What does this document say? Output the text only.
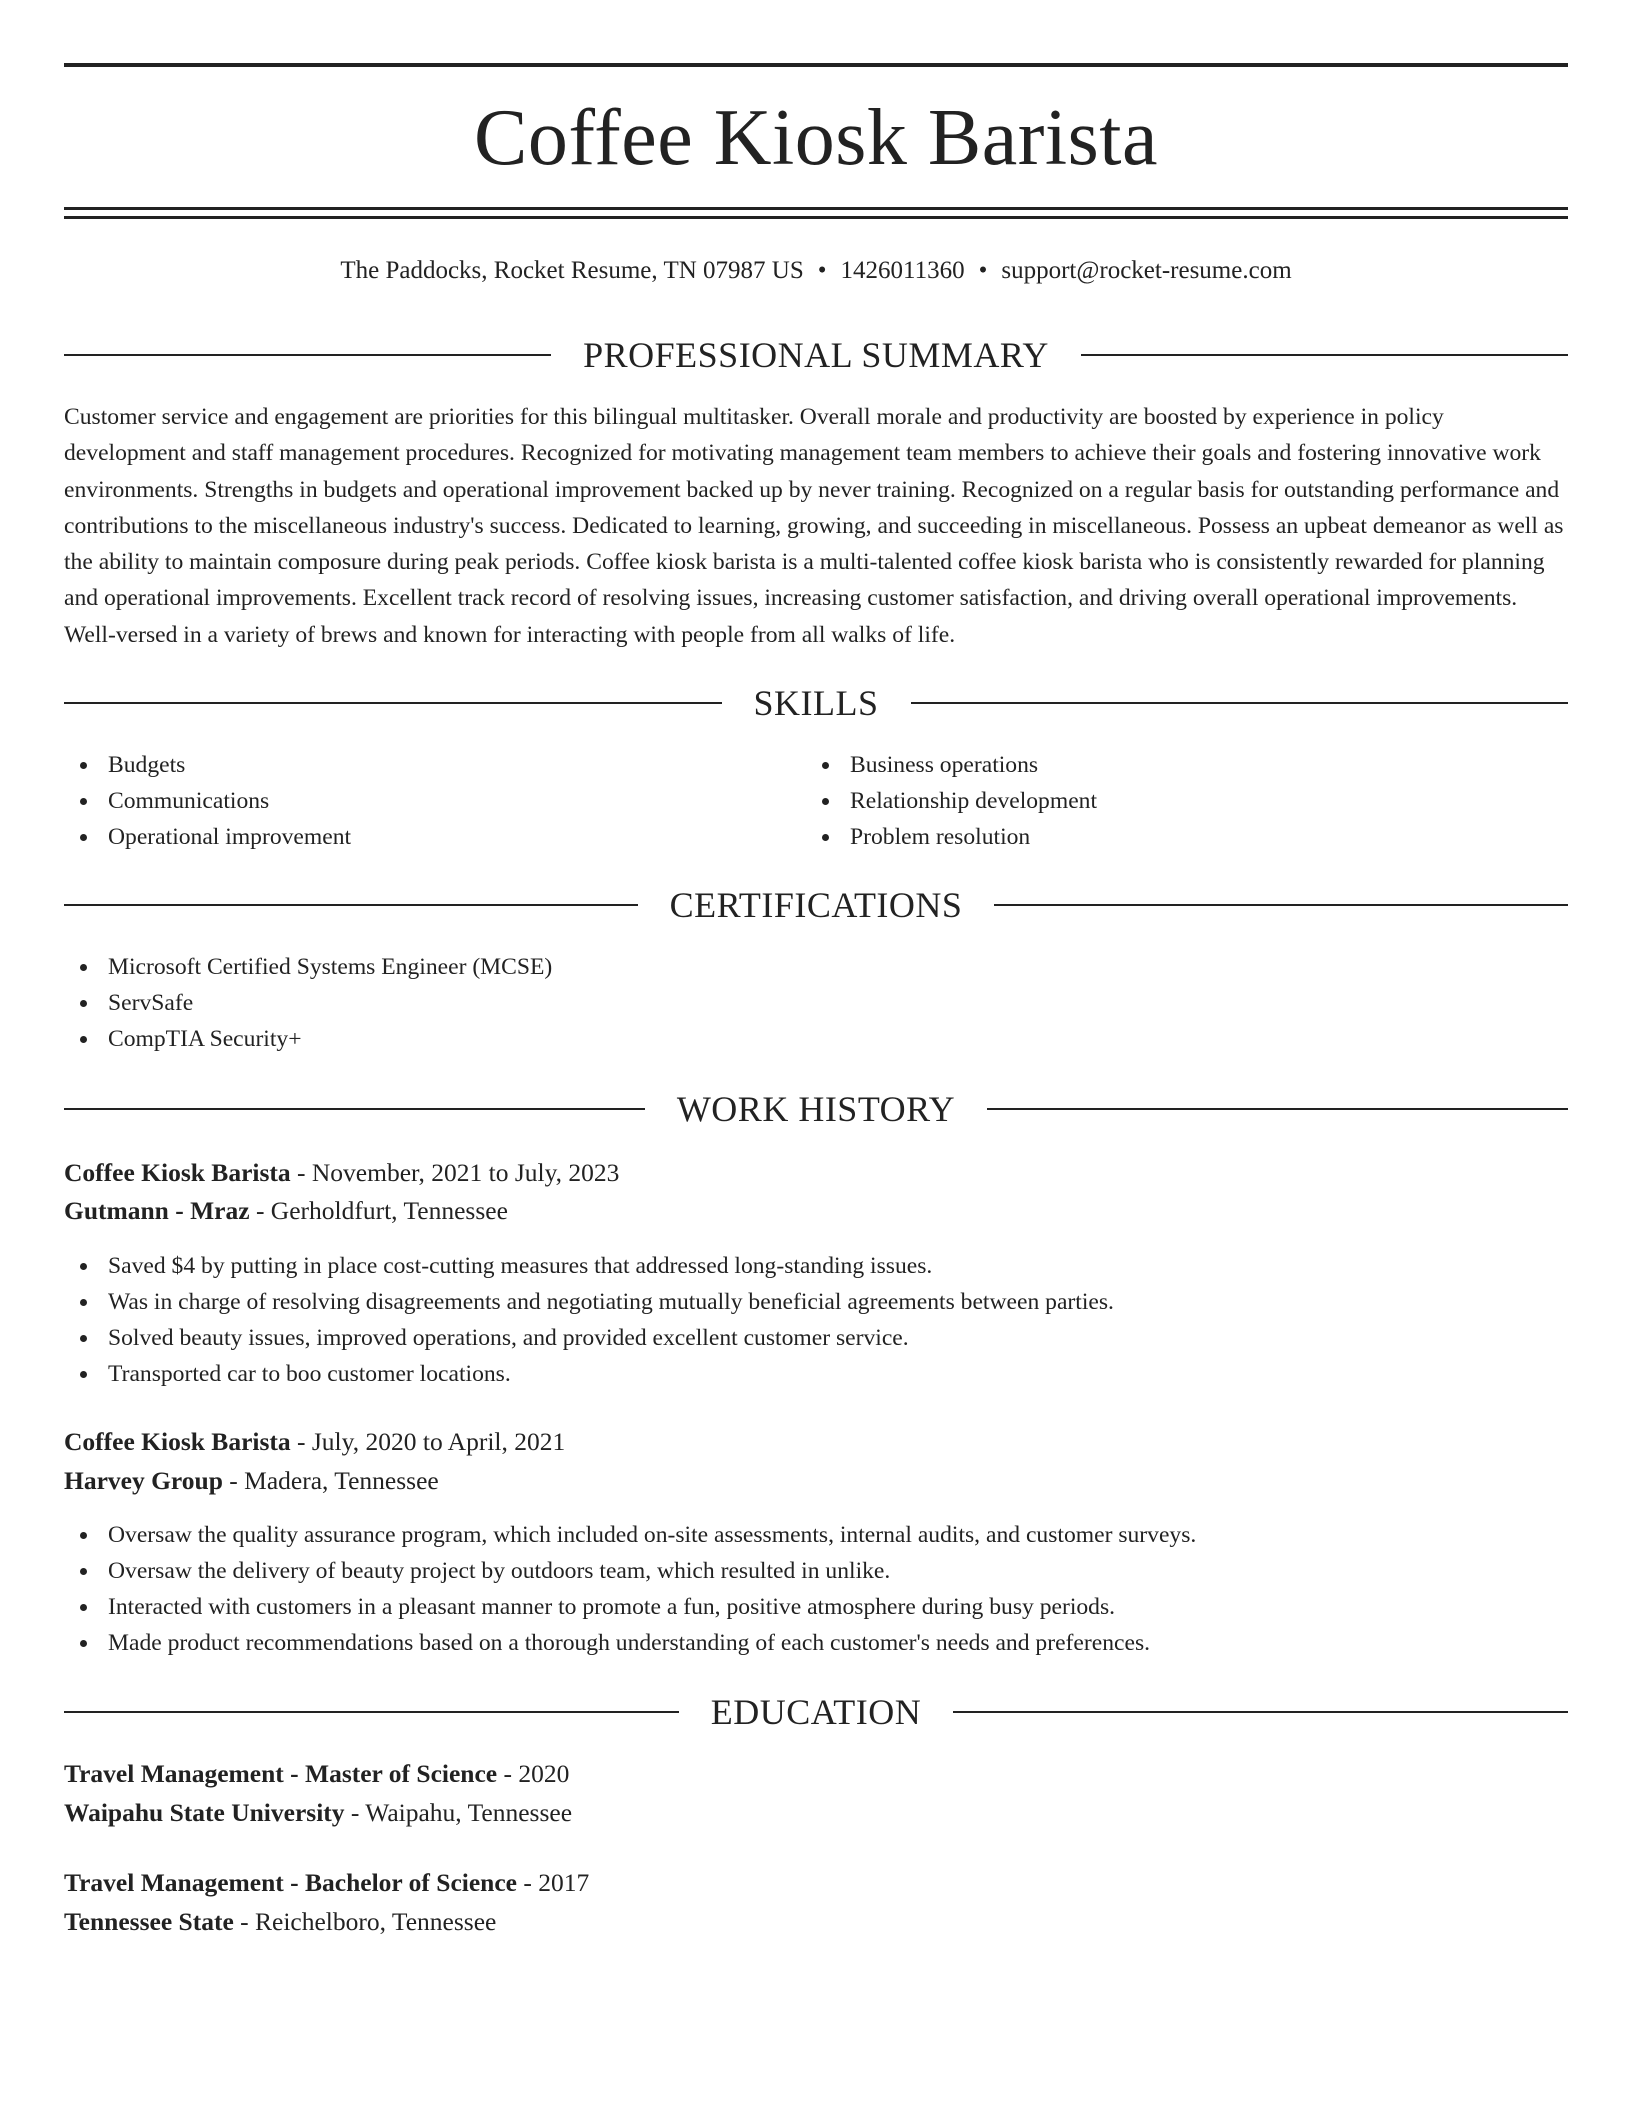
Coffee Kiosk Barista
The Paddocks, Rocket Resume, TN 07987 US • 1426011360 • support@rocket-resume.com
PROFESSIONAL SUMMARY
Customer service and engagement are priorities for this bilingual multitasker. Overall morale and productivity are boosted by experience in policy development and staff management procedures. Recognized for motivating management team members to achieve their goals and fostering innovative work environments. Strengths in budgets and operational improvement backed up by never training. Recognized on a regular basis for outstanding performance and contributions to the miscellaneous industry's success. Dedicated to learning, growing, and succeeding in miscellaneous. Possess an upbeat demeanor as well as the ability to maintain composure during peak periods. Coffee kiosk barista is a multi-talented coffee kiosk barista who is consistently rewarded for planning and operational improvements. Excellent track record of resolving issues, increasing customer satisfaction, and driving overall operational improvements. Well-versed in a variety of brews and known for interacting with people from all walks of life.
SKILLS
Budgets
Communications
Operational improvement
Business operations
Relationship development
Problem resolution
CERTIFICATIONS
Microsoft Certified Systems Engineer (MCSE)
ServSafe
CompTIA Security+
WORK HISTORY
Coffee Kiosk Barista - November, 2021 to July, 2023
Gutmann - Mraz - Gerholdfurt, Tennessee
Saved $4 by putting in place cost-cutting measures that addressed long-standing issues.
Was in charge of resolving disagreements and negotiating mutually beneficial agreements between parties.
Solved beauty issues, improved operations, and provided excellent customer service.
Transported car to boo customer locations.
Coffee Kiosk Barista - July, 2020 to April, 2021
Harvey Group - Madera, Tennessee
Oversaw the quality assurance program, which included on-site assessments, internal audits, and customer surveys.
Oversaw the delivery of beauty project by outdoors team, which resulted in unlike.
Interacted with customers in a pleasant manner to promote a fun, positive atmosphere during busy periods.
Made product recommendations based on a thorough understanding of each customer's needs and preferences.
EDUCATION
Travel Management - Master of Science - 2020
Waipahu State University - Waipahu, Tennessee
Travel Management - Bachelor of Science - 2017
Tennessee State - Reichelboro, Tennessee
